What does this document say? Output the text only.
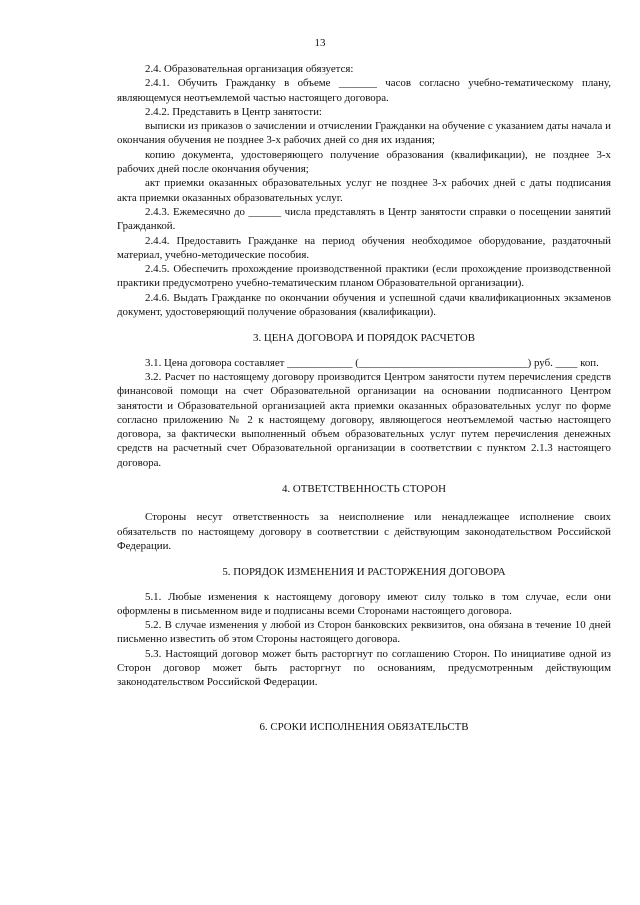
13

2.4. Образовательная организация обязуется:

2.4.1. Обучить Гражданку в объеме _______ часов согласно учебно-тематическому плану, являющемуся неотъемлемой частью настоящего договора.

2.4.2. Представить в Центр занятости:

выписки из приказов о зачислении и отчислении Гражданки на обучение с указанием даты начала и окончания обучения не позднее 3-х рабочих дней со дня их издания;

копию документа, удостоверяющего получение образования (квалификации), не позднее 3-х рабочих дней после окончания обучения;

акт приемки оказанных образовательных услуг не позднее 3-х рабочих дней с даты подписания акта приемки оказанных образовательных услуг.

2.4.3. Ежемесячно до ______ числа представлять в Центр занятости справки о посещении занятий Гражданкой.

2.4.4. Предоставить Гражданке на период обучения необходимое оборудование, раздаточный материал, учебно-методические пособия.

2.4.5. Обеспечить прохождение производственной практики (если прохождение производственной практики предусмотрено учебно-тематическим планом Образовательной организации).

2.4.6. Выдать Гражданке по окончании обучения и успешной сдачи квалификационных экзаменов документ, удостоверяющий получение образования (квалификации).

3. ЦЕНА ДОГОВОРА И ПОРЯДОК РАСЧЕТОВ

3.1. Цена договора составляет ____________ (_______________________________) руб. ____ коп.

3.2. Расчет по настоящему договору производится Центром занятости путем перечисления средств финансовой помощи на счет Образовательной организации на основании подписанного Центром занятости и Образовательной организацией акта приемки оказанных образовательных услуг по форме согласно приложению № 2 к настоящему договору, являющегося неотъемлемой частью настоящего договора, за фактически выполненный объем образовательных услуг путем перечисления денежных средств на расчетный счет Образовательной организации в соответствии с пунктом 2.1.3 настоящего договора.

4. ОТВЕТСТВЕННОСТЬ СТОРОН

Стороны несут ответственность за неисполнение или ненадлежащее исполнение своих обязательств по настоящему договору в соответствии с действующим законодательством Российской Федерации.

5. ПОРЯДОК ИЗМЕНЕНИЯ И РАСТОРЖЕНИЯ ДОГОВОРА

5.1. Любые изменения к настоящему договору имеют силу только в том случае, если они оформлены в письменном виде и подписаны всеми Сторонами настоящего договора.

5.2. В случае изменения у любой из Сторон банковских реквизитов, она обязана в течение 10 дней письменно известить об этом Стороны настоящего договора.

5.3. Настоящий договор может быть расторгнут по соглашению Сторон. По инициативе одной из Сторон договор может быть расторгнут по основаниям, предусмотренным действующим законодательством Российской Федерации.

6. СРОКИ ИСПОЛНЕНИЯ ОБЯЗАТЕЛЬСТВ
